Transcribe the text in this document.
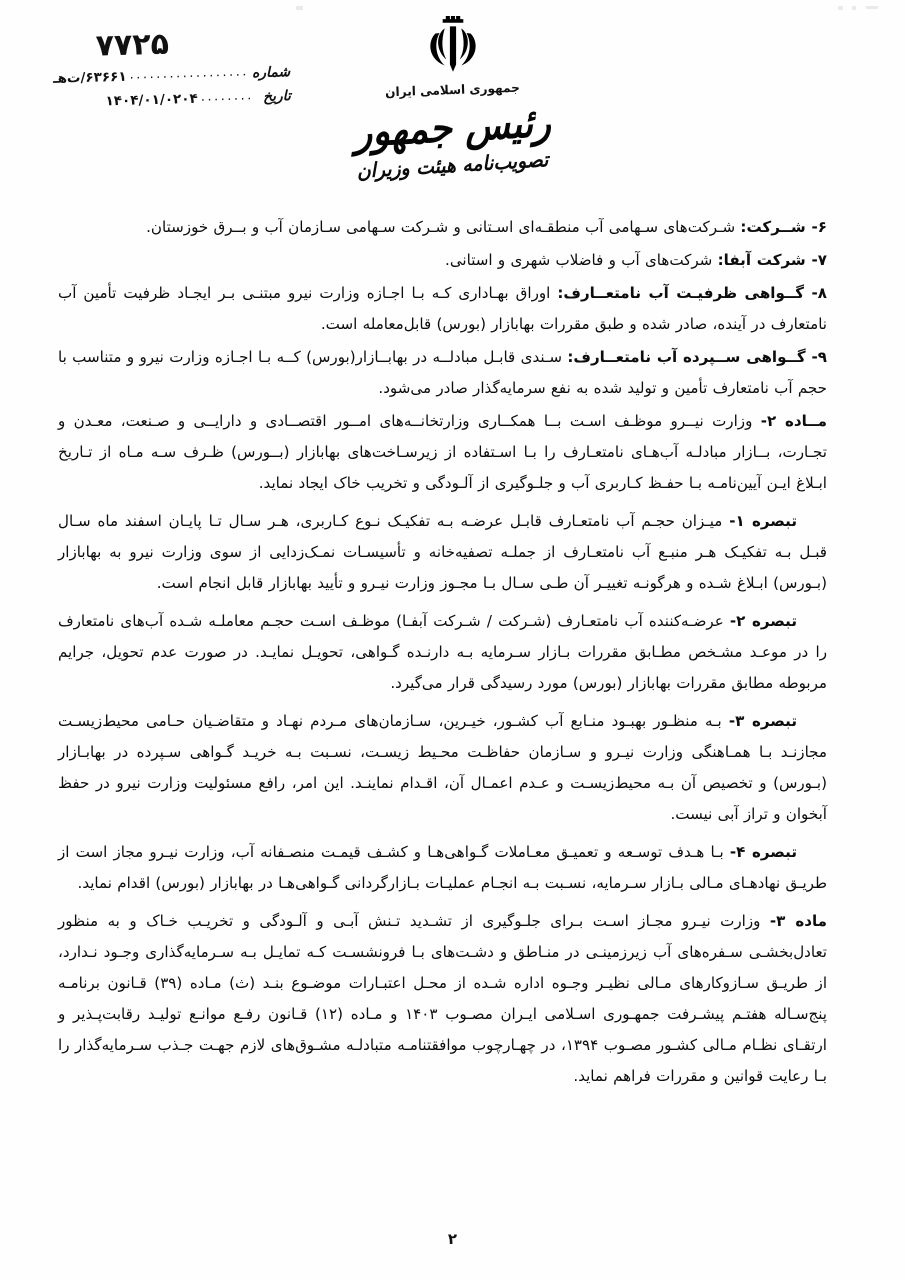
۷۷۲۵
شماره
..................
۶۳۶۶۱/ت
هـ
تاریخ
........
۱۴۰۴/۰۱/۰۲۰۴
جمهوری اسلامی ایران
رئیس جمهور
تصویب‌نامه هیئت وزیران

۶- شــرکت: شـرکت‌های سـهامی آب منطقـه‌ای اسـتانی و شـرکت سـهامی سـازمان آب و بــرق خوزستان.

۷- شرکت آبفا: شرکت‌های آب و فاضلاب شهری و استانی.

۸- گــواهی ظرفیـت آب نامتعــارف: اوراق بهـاداری کـه بـا اجـازه وزارت نیرو مبتنـی بـر ایجـاد ظرفیت تأمین آب نامتعارف در آینده، صادر شده و طبق مقررات بهابازار (بورس) قابل‌معامله است.

۹- گــواهی ســپرده آب نامتعــارف: سـندی قابـل مبادلــه در بهابــازار(بورس) کــه بـا اجـازه وزارت نیرو و متناسب با حجم آب نامتعارف تأمین و تولید شده به نفع سرمایه‌گذار صادر می‌شود.

مــاده ۲- وزارت نیــرو موظـف اسـت بــا همکــاری وزارتخانــه‌های امــور اقتصــادی و دارایــی و صـنعت، معـدن و تجـارت، بــازار مبادلـه آب‌هـای نامتعـارف را بـا اسـتفاده از زیرسـاخت‌های بهابازار (بــورس) ظـرف سـه مـاه از تـاریخ ابـلاغ ایـن آیین‌نامـه بـا حفـظ کـاربری آب و جلـوگیری از آلـودگی و تخریب خاک ایجاد نماید.

تبصره ۱- میـزان حجـم آب نامتعـارف قابـل عرضـه بـه تفکیـک نـوع کـاربری، هـر سـال تـا پایـان اسفند ماه سـال قبـل بـه تفکیـک هـر منبـع آب نامتعـارف از جملـه تصفیه‌خانه و تأسیسـات نمـک‌زدایی از سوی وزارت نیرو به بهابازار (بـورس) ابـلاغ شـده و هرگونـه تغییـر آن طـی سـال بـا مجـوز وزارت نیـرو و تأیید بهابازار قابل انجام است.

تبصره ۲- عرضـه‌کننده آب نامتعـارف (شـرکت / شـرکت آبفـا) موظـف اسـت حجـم معاملـه شـده آب‌های نامتعارف را در موعـد مشـخص مطـابق مقررات بـازار سـرمایه بـه دارنـده گـواهی، تحویـل نمایـد. در صورت عدم تحویل، جرایم مربوطه مطابق مقررات بهابازار (بورس) مورد رسیدگی قرار می‌گیرد.

تبصره ۳- بـه منظـور بهبـود منـابع آب کشـور، خیـرین، سـازمان‌های مـردم نهـاد و متقاضـیان حـامی محیط‌زیسـت مجازنـد بـا همـاهنگی وزارت نیـرو و سـازمان حفاظـت محـیط زیسـت، نسـبت بـه خریـد گـواهی سـپرده در بهابـازار (بـورس) و تخصیص آن بـه محیط‌زیسـت و عـدم اعمـال آن، اقـدام نماینـد. این امر، رافع مسئولیت وزارت نیرو در حفظ آبخوان و تراز آبی نیست.

تبصره ۴- بـا هـدف توسـعه و تعمیـق معـاملات گـواهی‌هـا و کشـف قیمـت منصـفانه آب، وزارت نیـرو مجاز است از طریـق نهادهـای مـالی بـازار سـرمایه، نسـبت بـه انجـام عملیـات بـازارگردانی گـواهی‌هـا در بهابازار (بورس) اقدام نماید.

ماده ۳- وزارت نیـرو مجـاز اسـت بـرای جلـوگیری از تشـدید تـنش آبـی و آلـودگی و تخریـب خـاک و به منظور تعادل‌بخشـی سـفره‌های آب زیرزمینـی در منـاطق و دشـت‌های بـا فرونشسـت کـه تمایـل بـه سـرمایه‌گذاری وجـود نـدارد، از طریـق سـازوکارهای مـالی نظیـر وجـوه اداره شـده از محـل اعتبـارات موضـوع بنـد (ث) مـاده (۳۹) قـانون برنامـه پنج‌سـاله هفتـم پیشـرفت جمهـوری اسـلامی ایـران مصـوب ۱۴۰۳ و مـاده (۱۲) قـانون رفـع موانـع تولیـد رقابت‌پـذیر و ارتقـای نظـام مـالی کشـور مصـوب ۱۳۹۴، در چهـارچوب موافقتنامـه متبادلـه مشـوق‌های لازم جهـت جـذب سـرمایه‌گذار را بـا رعایت قوانین و مقررات فراهم نماید.

۲
